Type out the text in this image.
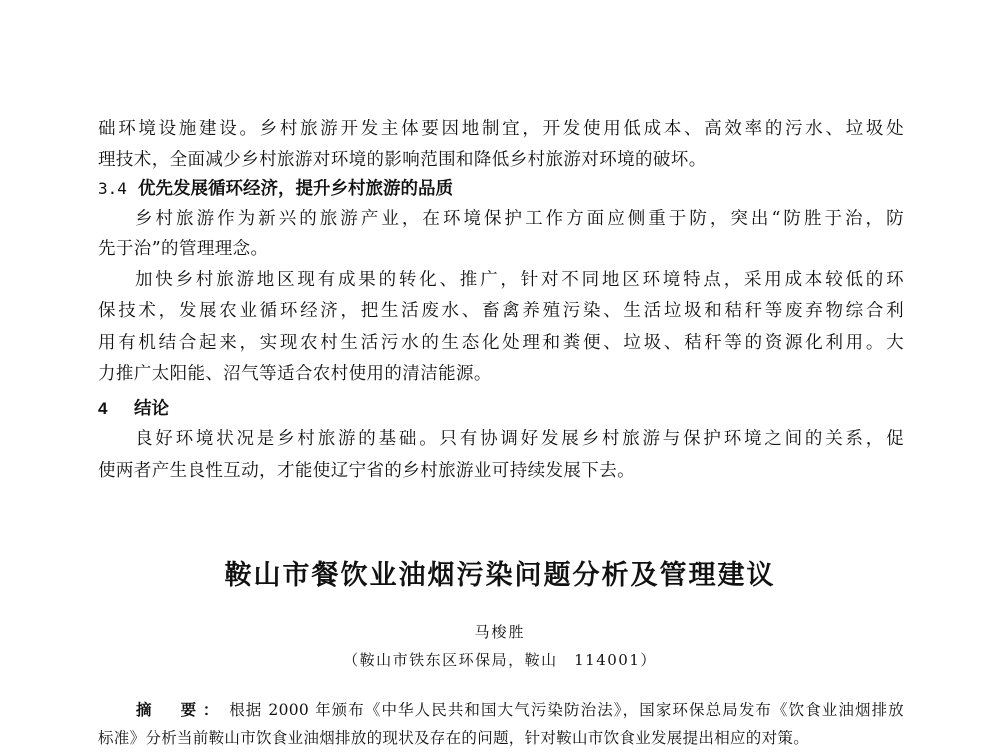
础环境设施建设。乡村旅游开发主体要因地制宜，开发使用低成本、高效率的污水、垃圾处
理技术，全面减少乡村旅游对环境的影响范围和降低乡村旅游对环境的破坏。
3.4 优先发展循环经济，提升乡村旅游的品质
乡村旅游作为新兴的旅游产业，在环境保护工作方面应侧重于防，突出“防胜于治，防
先于治”的管理理念。
加快乡村旅游地区现有成果的转化、推广，针对不同地区环境特点，采用成本较低的环
保技术，发展农业循环经济，把生活废水、畜禽养殖污染、生活垃圾和秸秆等废弃物综合利
用有机结合起来，实现农村生活污水的生态化处理和粪便、垃圾、秸秆等的资源化利用。大
力推广太阳能、沼气等适合农村使用的清洁能源。
4 结论
良好环境状况是乡村旅游的基础。只有协调好发展乡村旅游与保护环境之间的关系，促
使两者产生良性互动，才能使辽宁省的乡村旅游业可持续发展下去。
鞍山市餐饮业油烟污染问题分析及管理建议
马梭胜
（鞍山市铁东区环保局，鞍山　114001）
摘　要： 根据 2000 年颁布《中华人民共和国大气污染防治法》，国家环保总局发布《饮食业油烟排放
标准》分析当前鞍山市饮食业油烟排放的现状及存在的问题，针对鞍山市饮食业发展提出相应的对策。
